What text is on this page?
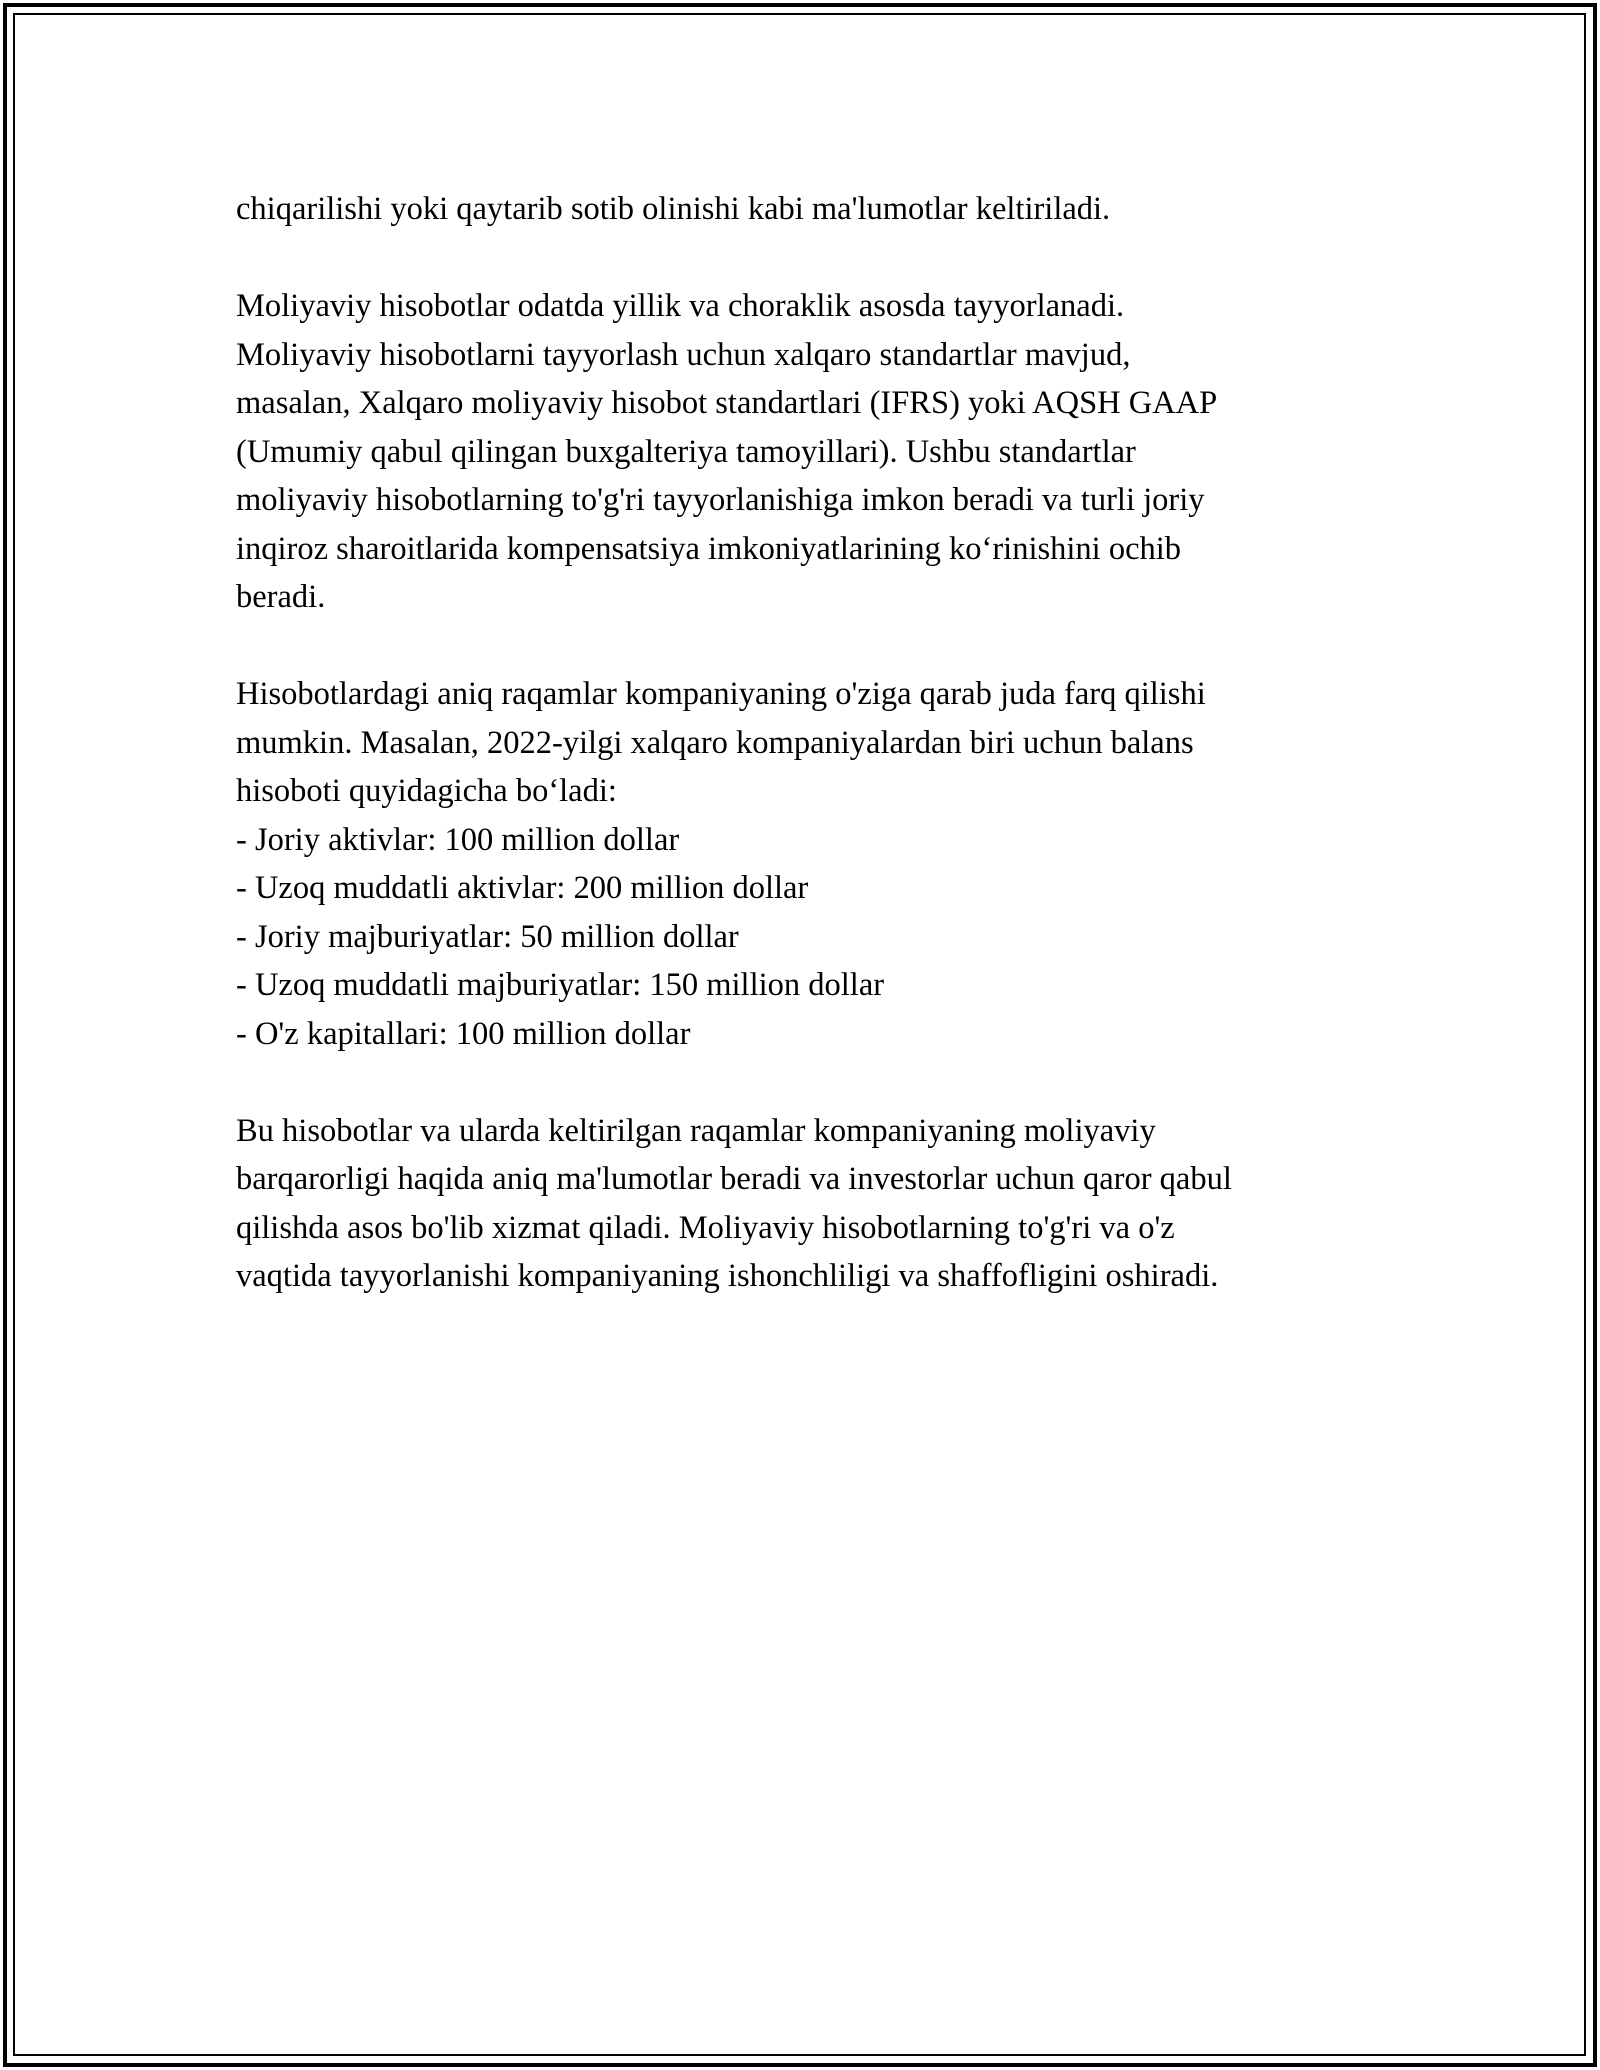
chiqarilishi yoki qaytarib sotib olinishi kabi ma'lumotlar keltiriladi.

Moliyaviy hisobotlar odatda yillik va choraklik asosda tayyorlanadi.
Moliyaviy hisobotlarni tayyorlash uchun xalqaro standartlar mavjud,
masalan, Xalqaro moliyaviy hisobot standartlari (IFRS) yoki AQSH GAAP
(Umumiy qabul qilingan buxgalteriya tamoyillari). Ushbu standartlar
moliyaviy hisobotlarning to'g'ri tayyorlanishiga imkon beradi va turli joriy
inqiroz sharoitlarida kompensatsiya imkoniyatlarining ko‘rinishini ochib
beradi.

Hisobotlardagi aniq raqamlar kompaniyaning o'ziga qarab juda farq qilishi
mumkin. Masalan, 2022-yilgi xalqaro kompaniyalardan biri uchun balans
hisoboti quyidagicha bo‘ladi:
- Joriy aktivlar: 100 million dollar
- Uzoq muddatli aktivlar: 200 million dollar
- Joriy majburiyatlar: 50 million dollar
- Uzoq muddatli majburiyatlar: 150 million dollar
- O'z kapitallari: 100 million dollar

Bu hisobotlar va ularda keltirilgan raqamlar kompaniyaning moliyaviy
barqarorligi haqida aniq ma'lumotlar beradi va investorlar uchun qaror qabul
qilishda asos bo'lib xizmat qiladi. Moliyaviy hisobotlarning to'g'ri va o'z
vaqtida tayyorlanishi kompaniyaning ishonchliligi va shaffofligini oshiradi.
